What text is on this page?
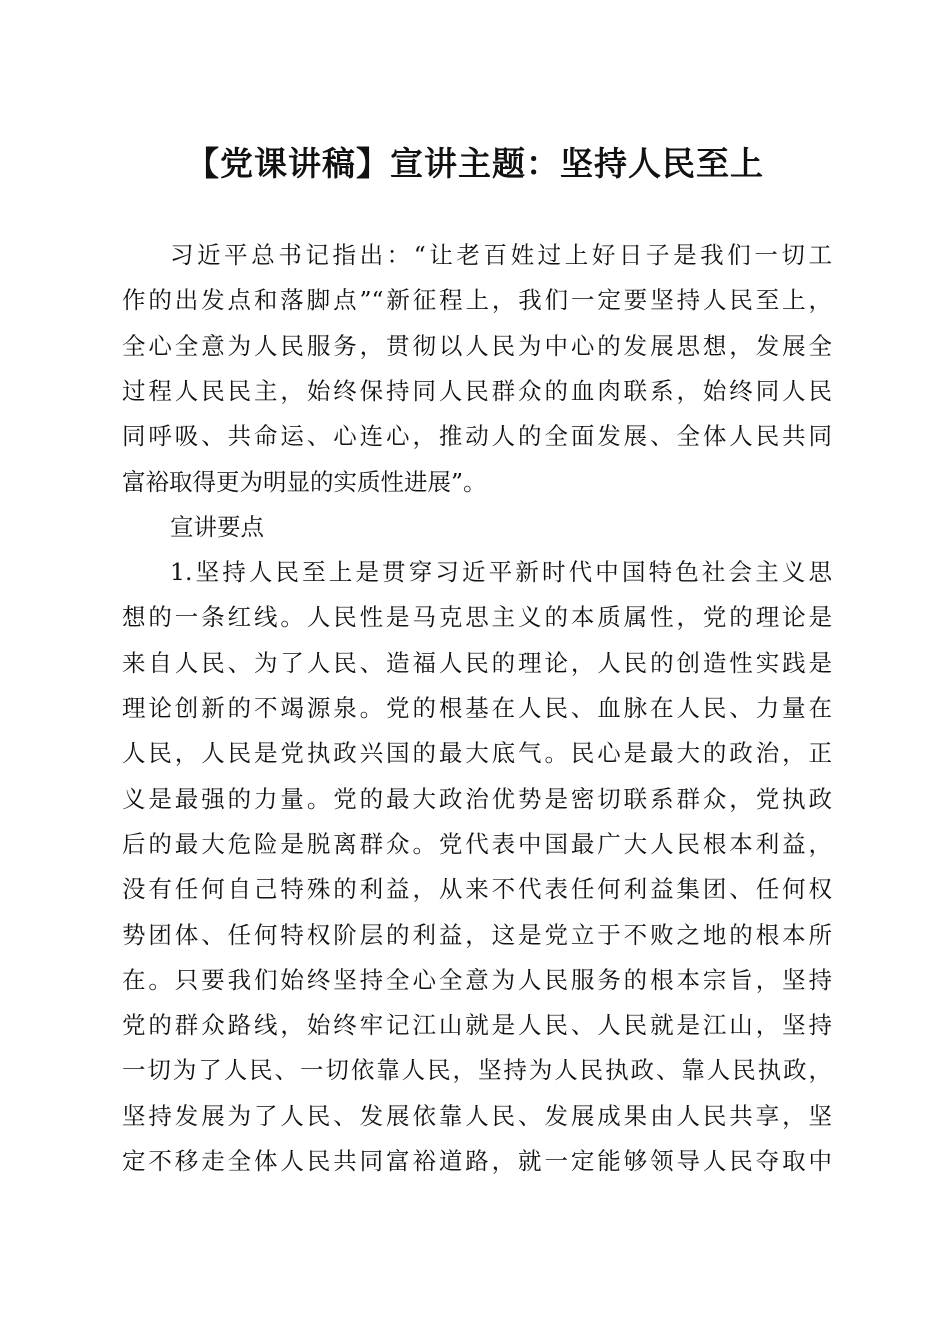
【党课讲稿】宣讲主题：坚持人民至上
习近平总书记指出：“让老百姓过上好日子是我们一切工
作的出发点和落脚点”“新征程上，我们一定要坚持人民至上，
全心全意为人民服务，贯彻以人民为中心的发展思想，发展全
过程人民民主，始终保持同人民群众的血肉联系，始终同人民
同呼吸、共命运、心连心，推动人的全面发展、全体人民共同
富裕取得更为明显的实质性进展”。
宣讲要点
1.坚持人民至上是贯穿习近平新时代中国特色社会主义思
想的一条红线。人民性是马克思主义的本质属性，党的理论是
来自人民、为了人民、造福人民的理论，人民的创造性实践是
理论创新的不竭源泉。党的根基在人民、血脉在人民、力量在
人民，人民是党执政兴国的最大底气。民心是最大的政治，正
义是最强的力量。党的最大政治优势是密切联系群众，党执政
后的最大危险是脱离群众。党代表中国最广大人民根本利益，
没有任何自己特殊的利益，从来不代表任何利益集团、任何权
势团体、任何特权阶层的利益，这是党立于不败之地的根本所
在。只要我们始终坚持全心全意为人民服务的根本宗旨，坚持
党的群众路线，始终牢记江山就是人民、人民就是江山，坚持
一切为了人民、一切依靠人民，坚持为人民执政、靠人民执政，
坚持发展为了人民、发展依靠人民、发展成果由人民共享，坚
定不移走全体人民共同富裕道路，就一定能够领导人民夺取中
